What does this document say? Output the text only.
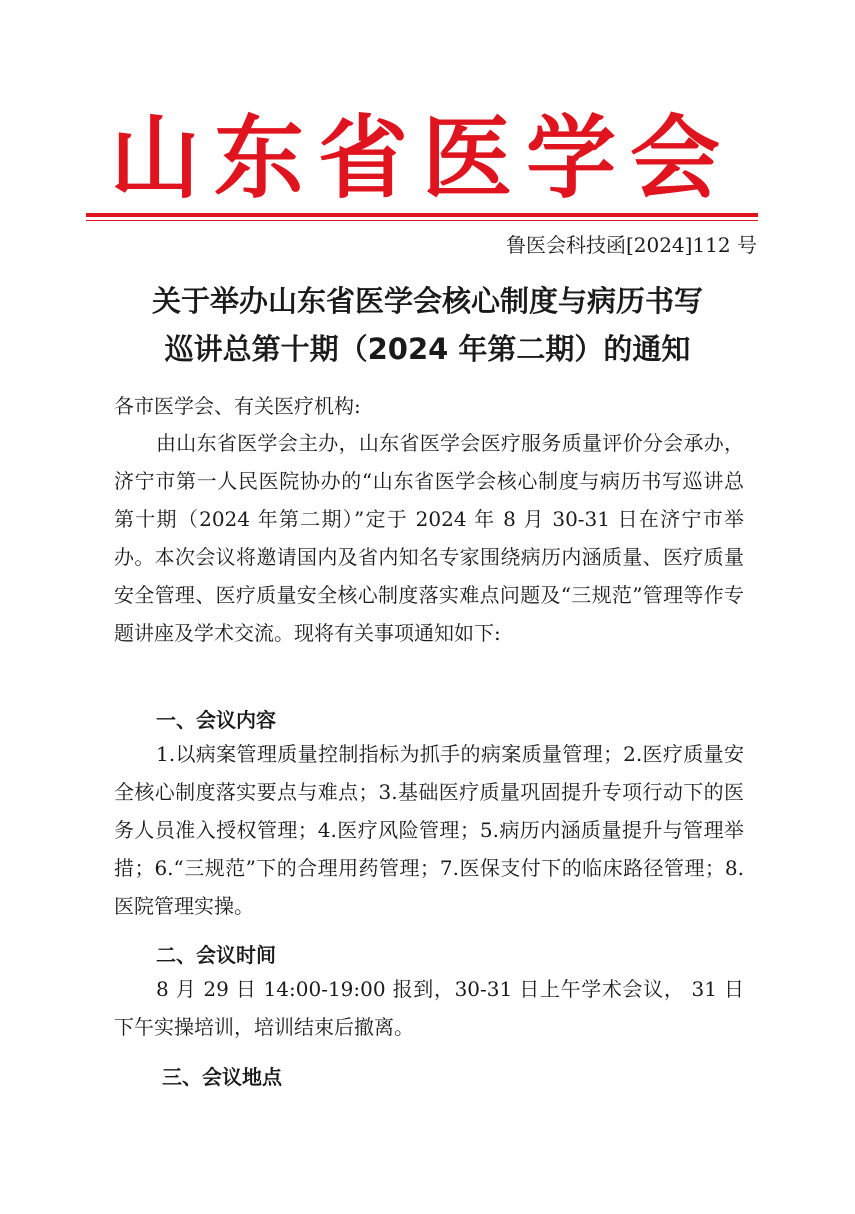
山东省医学会
鲁医会科技函[2024]112 号
关于举办山东省医学会核心制度与病历书写
巡讲总第十期（2024 年第二期）的通知
各市医学会、有关医疗机构:
由山东省医学会主办，山东省医学会医疗服务质量评价分会承办，济宁市第一人民医院协办的“山东省医学会核心制度与病历书写巡讲总第十期（2024 年第二期）”定于 2024 年 8 月 30-31 日在济宁市举办。本次会议将邀请国内及省内知名专家围绕病历内涵质量、医疗质量安全管理、医疗质量安全核心制度落实难点问题及“三规范”管理等作专题讲座及学术交流。现将有关事项通知如下:
一、会议内容
1.以病案管理质量控制指标为抓手的病案质量管理；2.医疗质量安全核心制度落实要点与难点；3.基础医疗质量巩固提升专项行动下的医务人员准入授权管理；4.医疗风险管理；5.病历内涵质量提升与管理举措；6.“三规范”下的合理用药管理；7.医保支付下的临床路径管理；8.医院管理实操。
二、会议时间
8 月 29 日 14:00-19:00 报到，30-31 日上午学术会议， 31 日下午实操培训，培训结束后撤离。
三、会议地点
